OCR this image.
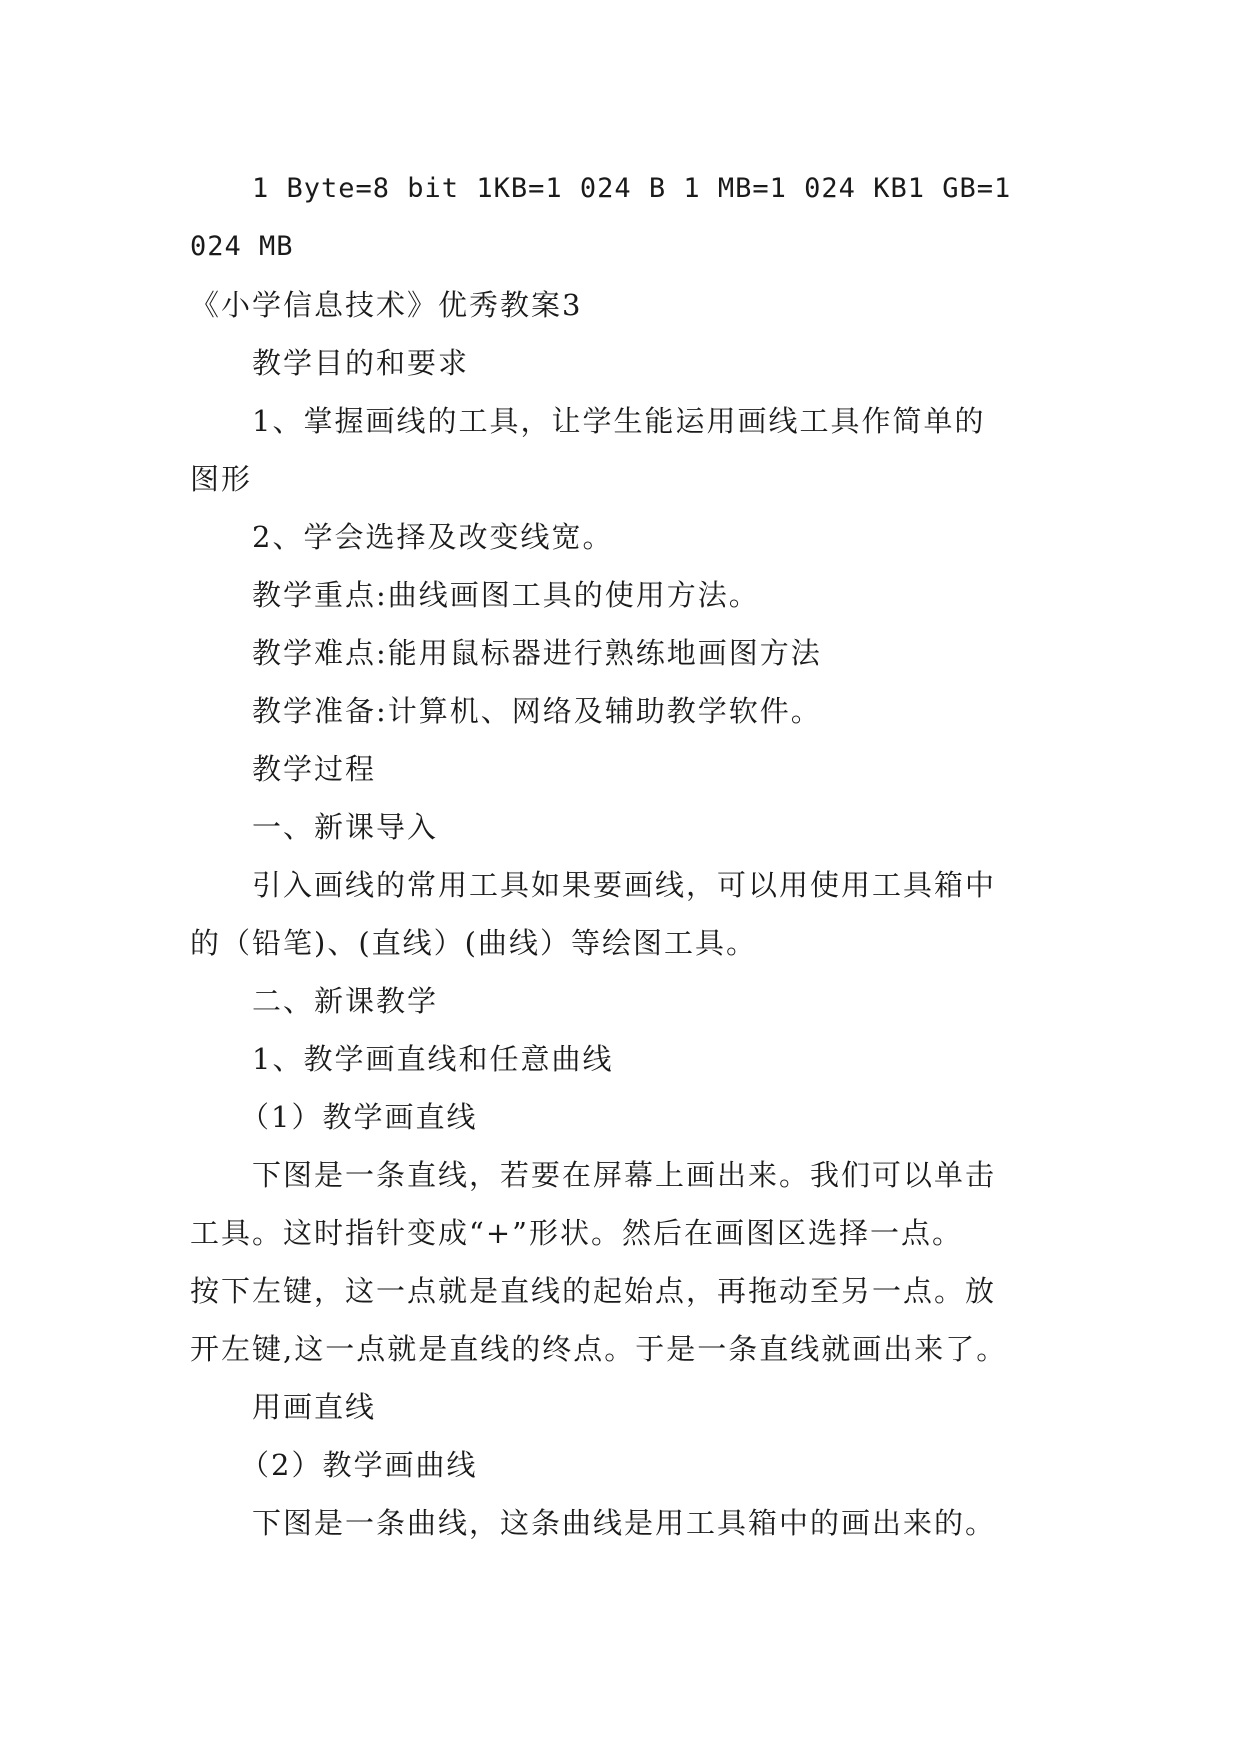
1 Byte=8 bit 1KB=1 024 B 1 MB=1 024 KB1 GB=1

024 MB

《小学信息技术》优秀教案3

教学目的和要求

1、掌握画线的工具，让学生能运用画线工具作简单的

图形

2、学会选择及改变线宽。

教学重点:曲线画图工具的使用方法。

教学难点:能用鼠标器进行熟练地画图方法

教学准备:计算机、网络及辅助教学软件。

教学过程

一、新课导入

引入画线的常用工具如果要画线，可以用使用工具箱中

的（铅笔)、(直线）(曲线）等绘图工具。

二、新课教学

1、教学画直线和任意曲线

（1）教学画直线

下图是一条直线，若要在屏幕上画出来。我们可以单击

工具。这时指针变成“+”形状。然后在画图区选择一点。

按下左键，这一点就是直线的起始点，再拖动至另一点。放

开左键,这一点就是直线的终点。于是一条直线就画出来了。

用画直线

（2）教学画曲线

下图是一条曲线，这条曲线是用工具箱中的画出来的。
